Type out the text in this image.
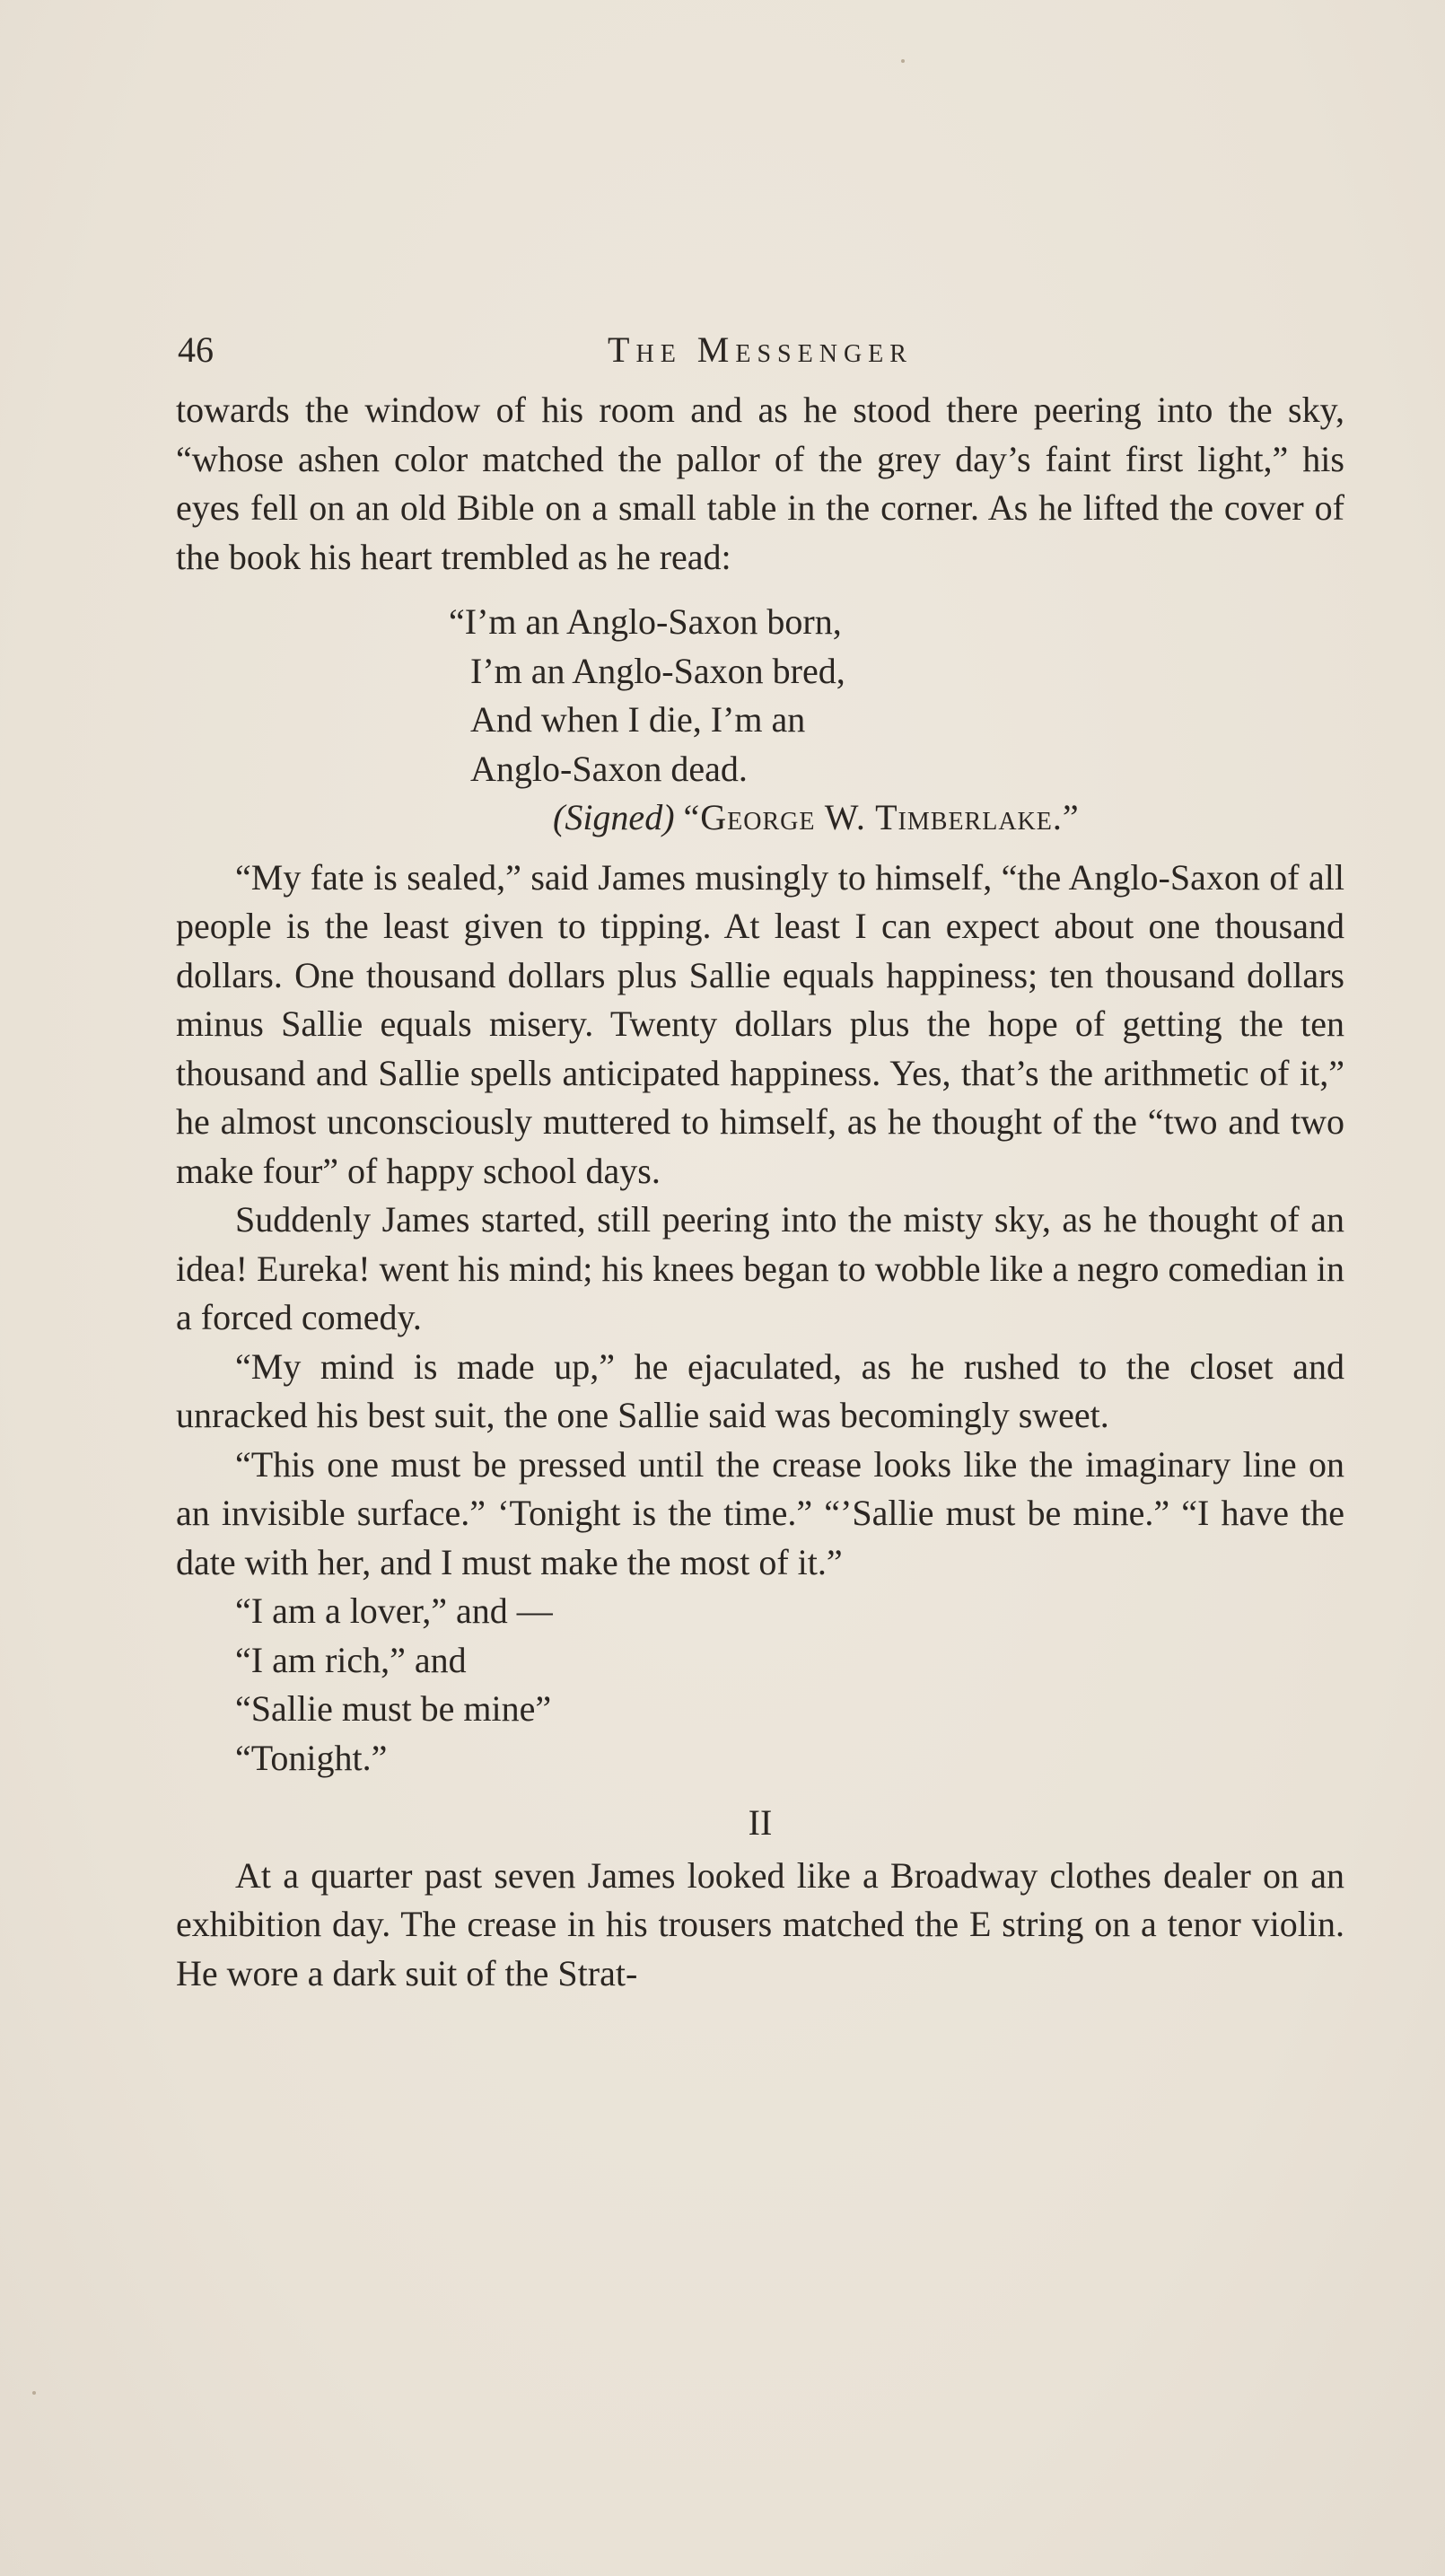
46	The Messenger

towards the window of his room and as he stood there peering into the sky, “whose ashen color matched the pallor of the grey day’s faint first light,” his eyes fell on an old Bible on a small table in the corner. As he lifted the cover of the book his heart trembled as he read:

“I’m an Anglo-Saxon born,
I’m an Anglo-Saxon bred,
And when I die, I’m an
Anglo-Saxon dead.
(Signed) “George W. Timberlake.”

“My fate is sealed,” said James musingly to himself, “the Anglo-Saxon of all people is the least given to tipping. At least I can expect about one thousand dollars. One thousand dollars plus Sallie equals happiness; ten thousand dollars minus Sallie equals misery. Twenty dollars plus the hope of getting the ten thousand and Sallie spells anticipated happiness. Yes, that’s the arithmetic of it,” he almost unconsciously muttered to himself, as he thought of the “two and two make four” of happy school days.

Suddenly James started, still peering into the misty sky, as he thought of an idea! Eureka! went his mind; his knees began to wobble like a negro comedian in a forced comedy.

“My mind is made up,” he ejaculated, as he rushed to the closet and unracked his best suit, the one Sallie said was becomingly sweet.

“This one must be pressed until the crease looks like the imaginary line on an invisible surface.” ‘Tonight is the time.” “’Sallie must be mine.” “I have the date with her, and I must make the most of it.”

“I am a lover,” and —

“I am rich,” and

“Sallie must be mine”

“Tonight.”

II

At a quarter past seven James looked like a Broadway clothes dealer on an exhibition day. The crease in his trousers matched the E string on a tenor violin. He wore a dark suit of the Strat-
